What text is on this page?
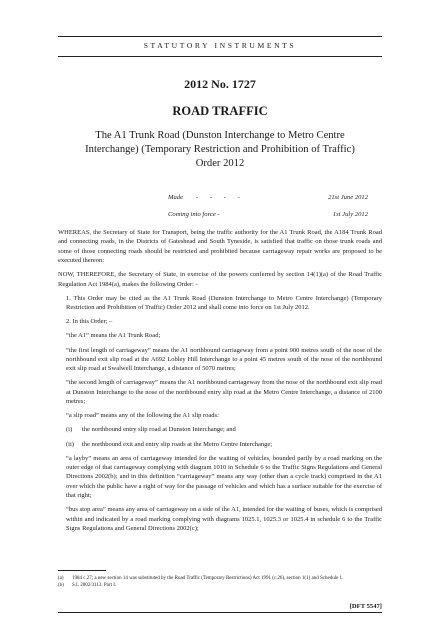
STATUTORY INSTRUMENTS
2012 No. 1727
ROAD TRAFFIC
The A1 Trunk Road (Dunston Interchange to Metro Centre Interchange) (Temporary Restriction and Prohibition of Traffic) Order 2012
Made - - - -	21st June 2012
Coming into force -	1st July 2012

WHEREAS, the Secretary of State for Transport, being the traffic authority for the A1 Trunk Road, the A184 Trunk Road and connecting roads, in the Districts of Gateshead and South Tyneside, is satisfied that traffic on those trunk roads and some of those connecting roads should be restricted and prohibited because carriageway repair works are proposed to be executed thereon:

NOW, THEREFORE, the Secretary of State, in exercise of the powers conferred by section 14(1)(a) of the Road Traffic Regulation Act 1984(a), makes the following Order: -

1. This Order may be cited as the A1 Trunk Road (Dunston Interchange to Metro Centre Interchange) (Temporary Restriction and Prohibition of Traffic) Order 2012 and shall come into force on 1st July 2012.

2. In this Order; –

“the A1” means the A1 Trunk Road;

“the first length of carriageway” means the A1 northbound carriageway from a point 900 metres south of the nose of the northbound exit slip road at the A692 Lobley Hill Interchange to a point 45 metres south of the nose of the northbound exit slip road at Swalwell Interchange, a distance of 5070 metres;

“the second length of carriageway” means the A1 northbound carriageway from the nose of the northbound exit slip road at Dunston Interchange to the nose of the northbound entry slip road at the Metro Centre Interchange, a distance of 2100 metres;

“a slip road” means any of the following the A1 slip roads:

(i) the northbound entry slip road at Dunston Interchange; and

(ii) the northbound exit and entry slip roads at the Metro Centre Interchange;

“a layby” means an area of carriageway intended for the waiting of vehicles, bounded partly by a road marking on the outer edge of that carriageway complying with diagram 1010 in Schedule 6 to the Traffic Signs Regulations and General Directions 2002(b); and in this definition “carriageway” means any way (other than a cycle track) comprised in the A1 over which the public have a right of way for the passage of vehicles and which has a surface suitable for the exercise of that right;

“bus stop area” means any area of carriageway on a side of the A1, intended for the waiting of buses, which is comprised within and indicated by a road marking complying with diagrams 1025.1, 1025.3 or 1025.4 in schedule 6 to the Traffic Signs Regulations and General Directions 2002(c);

(a) 1984 c.27; a new section 14 was substituted by the Road Traffic (Temporary Restrictions) Act 1991 (c.26), section 1(1) and Schedule 1.
(b) S.I. 2002/3113. Part I.
[DFT 5547]
